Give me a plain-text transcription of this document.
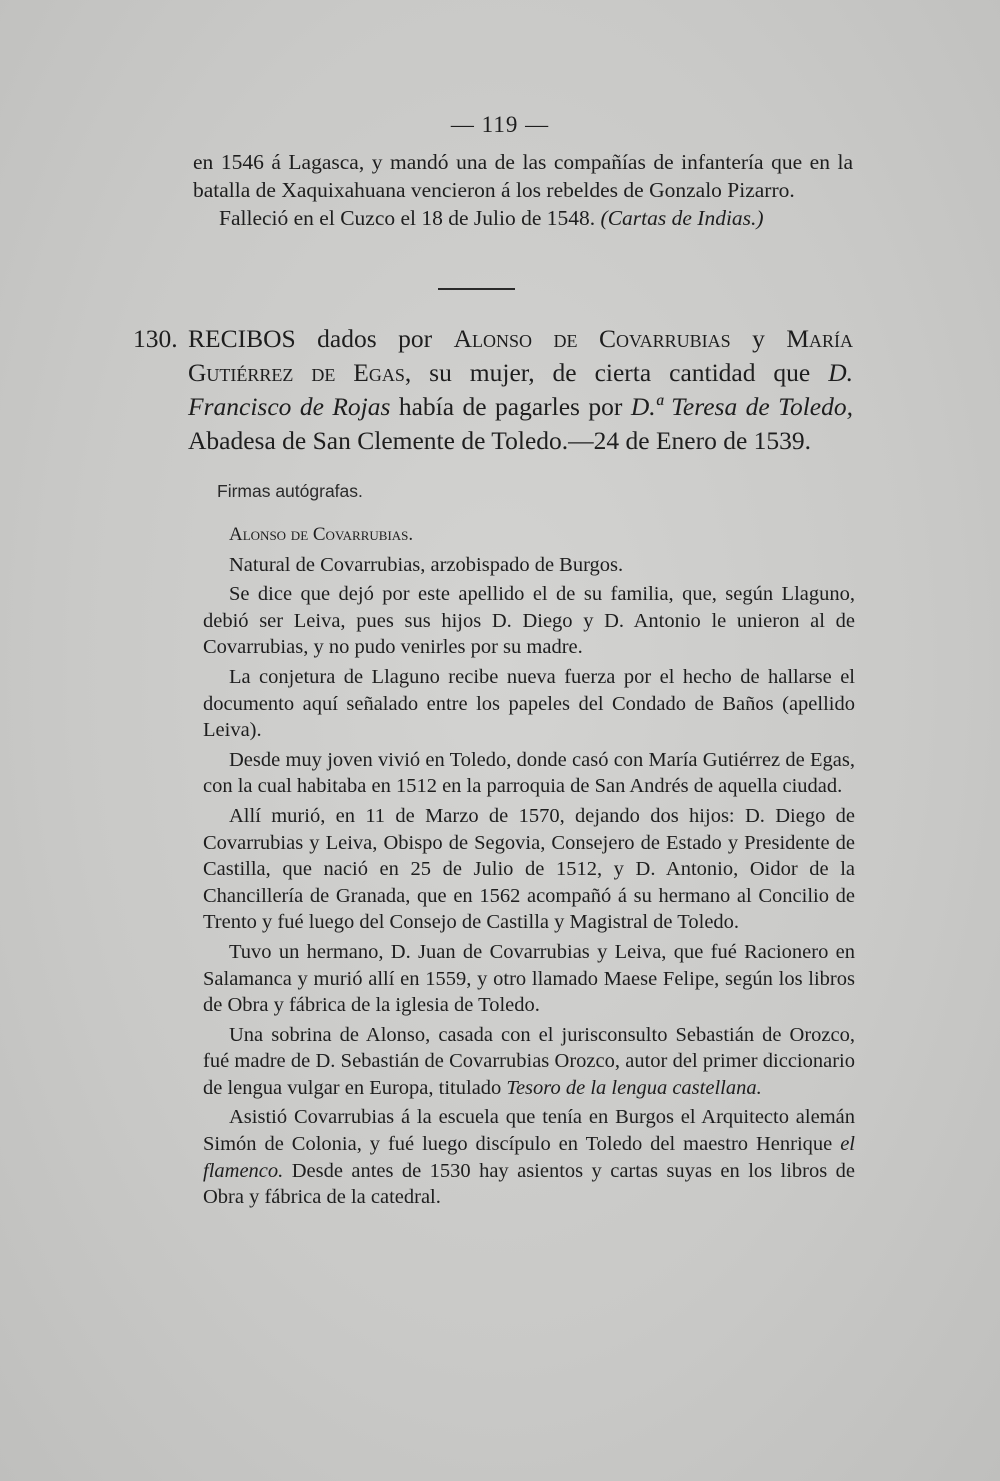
— 119 —

en 1546 á Lagasca, y mandó una de las compañías de infantería que en la batalla de Xaquixahuana vencieron á los rebeldes de Gonzalo Pizarro.

Falleció en el Cuzco el 18 de Julio de 1548. (Cartas de Indias.)

130. RECIBOS dados por Alonso de Covarrubias y María Gutiérrez de Egas, su mujer, de cierta cantidad que D. Francisco de Rojas había de pagarles por D.ª Teresa de Toledo, Abadesa de San Clemente de Toledo.—24 de Enero de 1539.
Firmas autógrafas.

Alonso de Covarrubias.

Natural de Covarrubias, arzobispado de Burgos.

Se dice que dejó por este apellido el de su familia, que, según Llaguno, debió ser Leiva, pues sus hijos D. Diego y D. Antonio le unieron al de Covarrubias, y no pudo venirles por su madre.

La conjetura de Llaguno recibe nueva fuerza por el hecho de hallarse el documento aquí señalado entre los papeles del Condado de Baños (apellido Leiva).

Desde muy joven vivió en Toledo, donde casó con María Gutiérrez de Egas, con la cual habitaba en 1512 en la parroquia de San Andrés de aquella ciudad.

Allí murió, en 11 de Marzo de 1570, dejando dos hijos: D. Diego de Covarrubias y Leiva, Obispo de Segovia, Consejero de Estado y Presidente de Castilla, que nació en 25 de Julio de 1512, y D. Antonio, Oidor de la Chancillería de Granada, que en 1562 acompañó á su hermano al Concilio de Trento y fué luego del Consejo de Castilla y Magistral de Toledo.

Tuvo un hermano, D. Juan de Covarrubias y Leiva, que fué Racionero en Salamanca y murió allí en 1559, y otro llamado Maese Felipe, según los libros de Obra y fábrica de la iglesia de Toledo.

Una sobrina de Alonso, casada con el jurisconsulto Sebastián de Orozco, fué madre de D. Sebastián de Covarrubias Orozco, autor del primer diccionario de lengua vulgar en Europa, titulado Tesoro de la lengua castellana.

Asistió Covarrubias á la escuela que tenía en Burgos el Arquitecto alemán Simón de Colonia, y fué luego discípulo en Toledo del maestro Henrique el flamenco. Desde antes de 1530 hay asientos y cartas suyas en los libros de Obra y fábrica de la catedral.
